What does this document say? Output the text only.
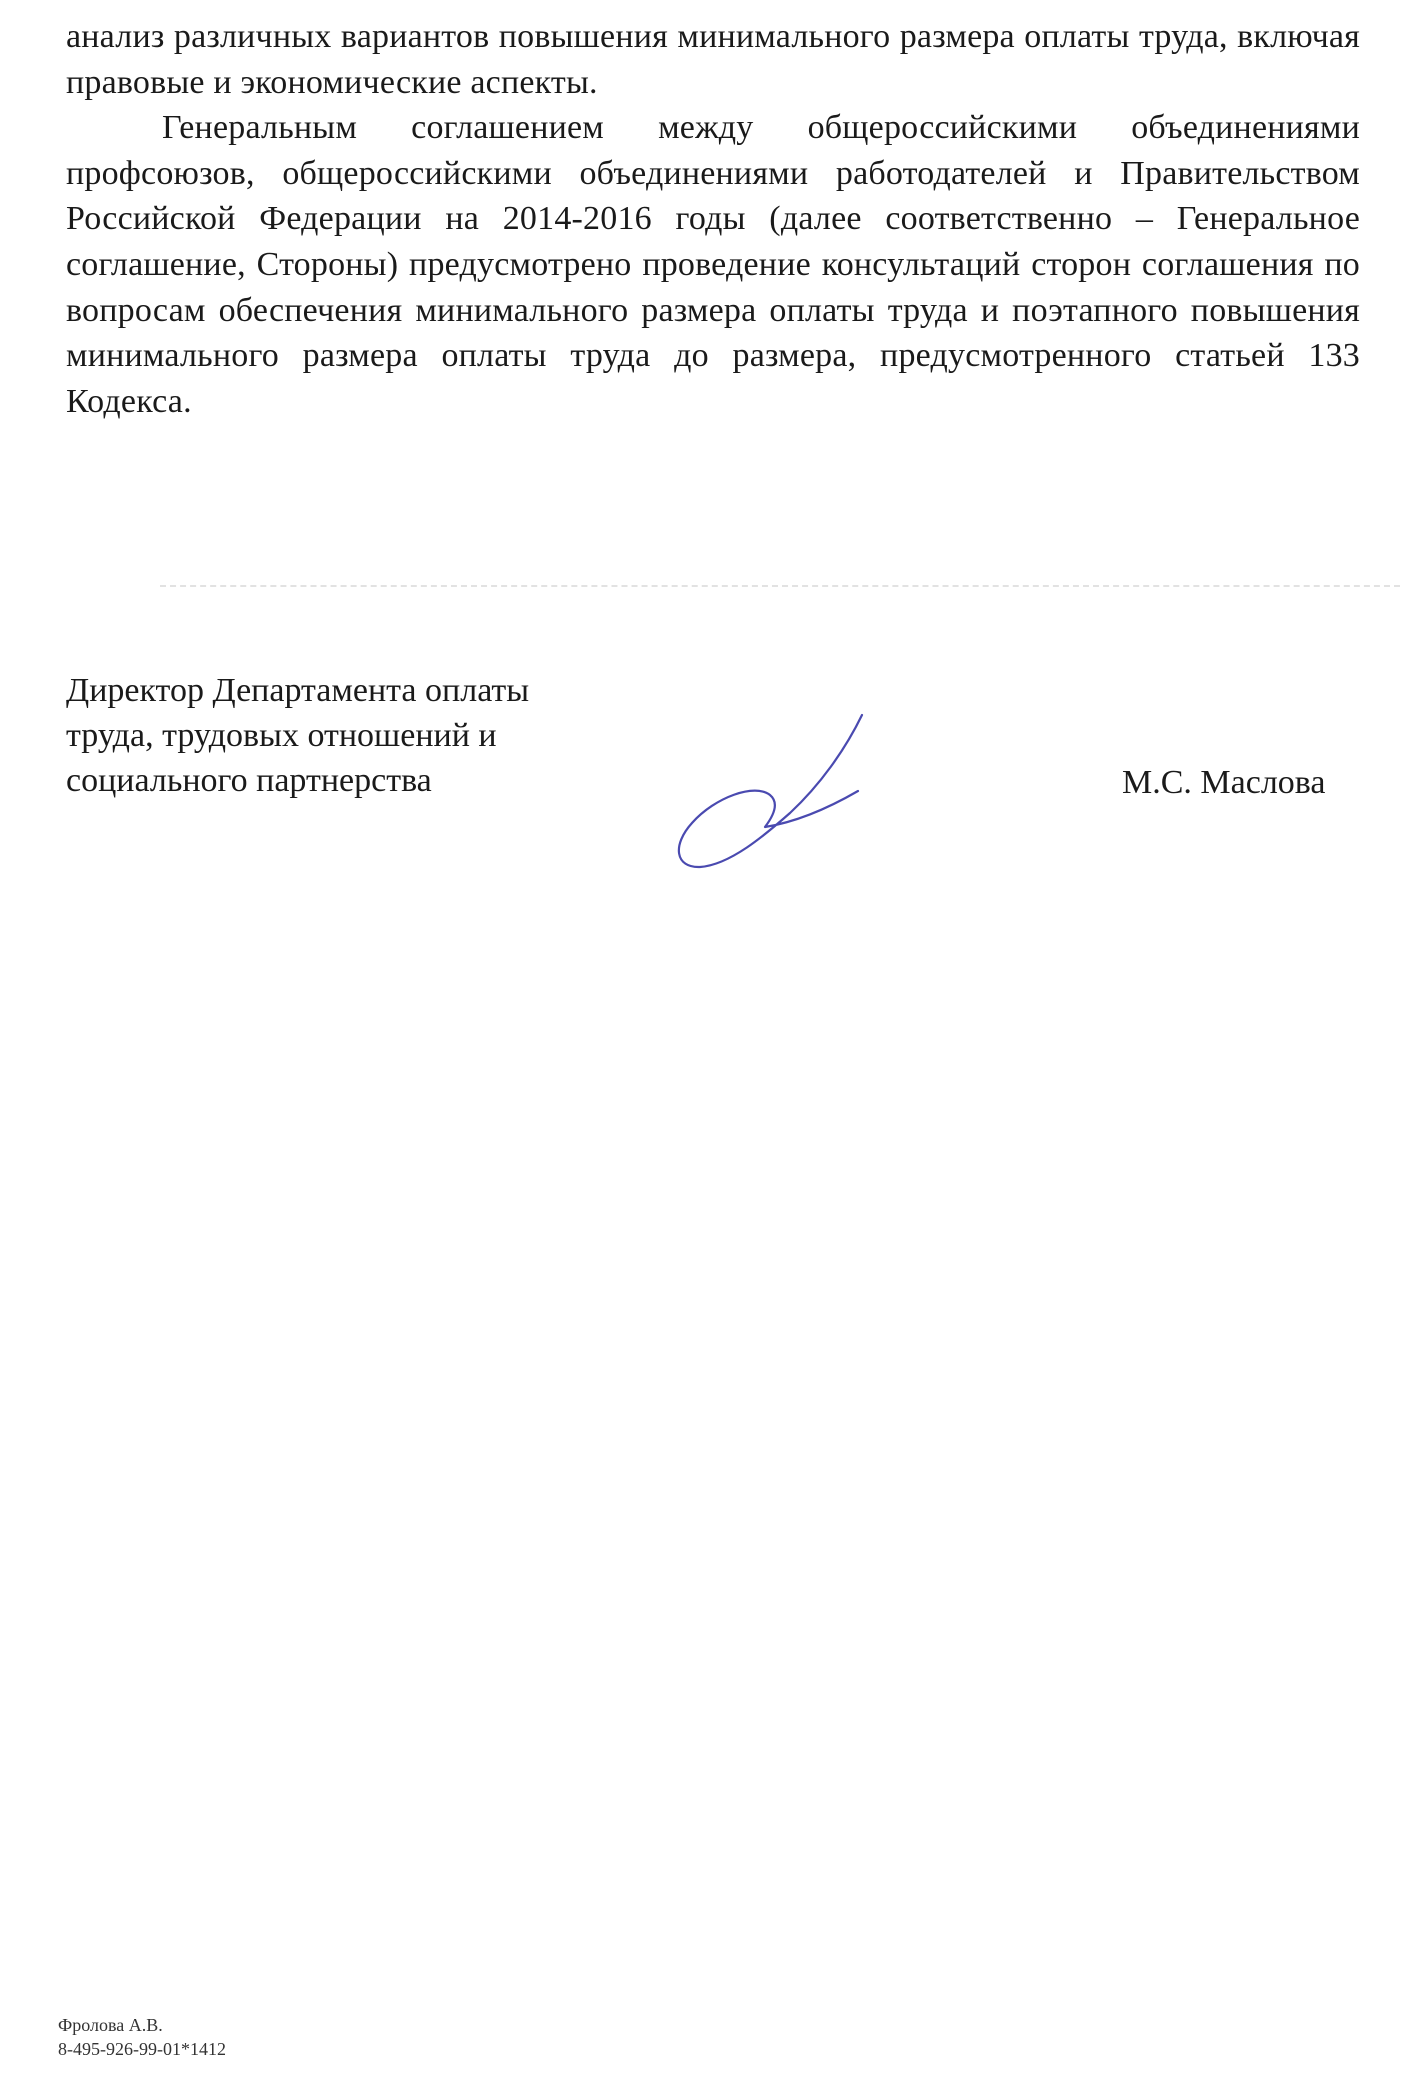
анализ различных вариантов повышения минимального размера оплаты труда, включая правовые и экономические аспекты.

Генеральным соглашением между общероссийскими объединениями профсоюзов, общероссийскими объединениями работодателей и Правительством Российской Федерации на 2014-2016 годы (далее соответственно – Генеральное соглашение, Стороны) предусмотрено проведение консультаций сторон соглашения по вопросам обеспечения минимального размера оплаты труда и поэтапного повышения минимального размера оплаты труда до размера, предусмотренного статьей 133 Кодекса.

Директор Департамента оплаты
труда, трудовых отношений и
социального партнерства	М.С. Маслова
Фролова А.В.
8-495-926-99-01*1412
